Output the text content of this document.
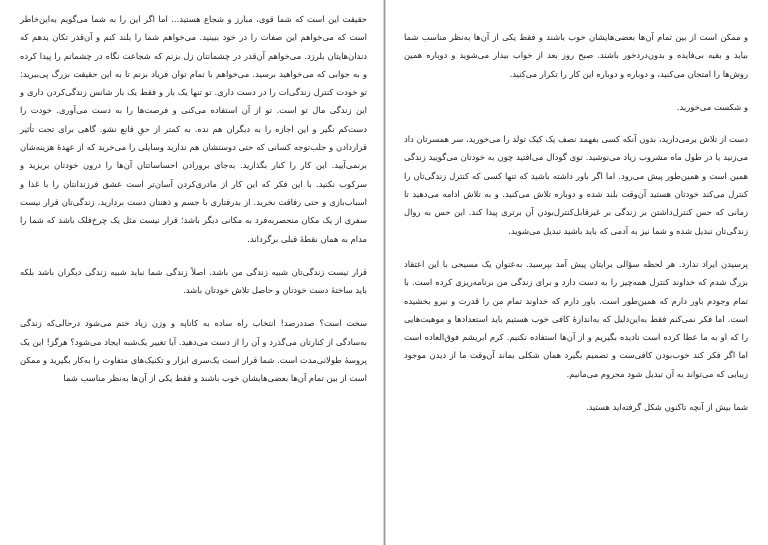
حقیقت این است که شما قوی، مبارز و شجاع هستید... اما اگر این را به شما می‌گویم به‌این‌خاطر است که می‌خواهم این صفات را در خود ببینید. می‌خواهم شما را بلند کنم و آن‌قدر تکان بدهم که دندان‌هایتان بلرزد. می‌خواهم آن‌قدر در چشمانتان زل بزنم که شجاعت نگاه در چشمانم را پیدا کرده و به جوابی که می‌خواهید برسید. می‌خواهم با تمام توان فریاد بزنم تا به این حقیقت بزرگ پی‌ببرید: تو خودت کنترل زندگی‌ات را در دست داری. تو تنها یک بار و فقط یک بار شانس زندگی‌کردن داری و این زندگی مال تو است. تو از آن استفاده می‌کنی و فرصت‌ها را به دست می‌آوری. خودت را دست‌کم نگیر و این اجازه را به دیگران هم نده. به کمتر از حقِ قانع نشو. گاهی برای تحت تأثیر قراردادن و جلب‌توجه کسانی که حتی دوستشان هم ندارید وسایلی را می‌خرید که از عهدهٔ هزینه‌شان برنمی‌آیید. این کار را کنار بگذارید. به‌جای برورادن احساساتتان آن‌ها را درون خودتان بریزید و سرکوب نکنید. با این فکر که این کار از مادری‌کردن آسان‌تر است عشق فرزندانتان را با غذا و اسباب‌بازی و حتی رفاقت نخرید. از بدرفتاری با جسم و ذهنتان دست بردارید. زندگی‌تان قرار نیست سفری از یک مکان منحصربه‌فرد به مکانی دیگر باشد؛ قرار نیست مثل یک چرخ‌فلک باشد که شما را مدام به همان نقطهٔ قبلی برگرداند.

قرار نیست زندگی‌تان شبیه زندگی من باشد. اصلاً زندگی شما نباید شبیه زندگی دیگران باشد بلکه باید ساختهٔ دست خودتان و حاصل تلاش خودتان باشد.

سخت است؟ صددرصد! انتخاب راه ساده به کاناپه و وزن زیاد ختم می‌شود درحالی‌که زندگی به‌سادگی از کنارتان می‌گذرد و آن را از دست می‌دهید. آیا تغییر یک‌شبه ایجاد می‌شود؟ هرگز! این یک پروسهٔ طولانی‌مدت است. شما قرار است یک‌سری ابزار و تکنیک‌های متفاوت را به‌کار بگیرید و ممکن است از بین تمام آن‌ها بعضی‌هایشان خوب باشند و فقط یکی از آن‌ها به‌نظر مناسب شما

و ممکن است از بین تمام آن‌ها بعضی‌هایشان خوب باشند و فقط یکی از آن‌ها به‌نظر مناسب شما بیاید و بقیه بی‌فایده و بدون‌دردخور باشند. صبح روز بعد از خواب بیدار می‌شوید و دوباره همین روش‌ها را امتحان می‌کنید، و دوباره و دوباره این کار را تکرار می‌کنید.

و شکست می‌خورید.

دست از تلاش برمی‌دارید، بدون آنکه کسی بفهمد نصف یک کیک تولد را می‌خورید، سر همسرتان داد می‌زنید یا در طول ماه مشروب زیاد می‌نوشید. توی گودال می‌افتید چون به خودتان می‌گویید زندگی همین است و همین‌طور پیش می‌رود. اما اگر باور داشته باشید که تنها کسی که کنترل زندگی‌تان را کنترل می‌کند خودتان هستید آن‌وقت بلند شده و دوباره تلاش می‌کنید. و به تلاش ادامه می‌دهید تا زمانی که حس کنترل‌داشتن بر زندگی بر غیرقابل‌کنترل‌بودن آن برتری پیدا کند. این حس به روال زندگی‌تان تبدیل شده و شما نیز به آدمی که باید باشید تبدیل می‌شوید.

پرسیدن ایراد ندارد. هر لحظه سؤالی برایتان پیش آمد بپرسید. به‌عنوان یک مسیحی با این اعتقاد بزرگ شدم که خداوند کنترل همه‌چیز را به دست دارد و برای زندگی من برنامه‌ریزی کرده است. با تمام وجودم باور دارم که همین‌طور است. باور دارم که خداوند تمام من را قدرت و نیرو بخشیده است. اما فکر نمی‌کنم فقط به‌این‌دلیل که به‌اندازهٔ کافی خوب هستیم باید استعدادها و موهبت‌هایی را که او به ما عطا کرده است نادیده بگیریم و از آن‌ها استفاده نکنیم. کرم ابریشم فوق‌العاده است اما اگر فکر کند خوب‌بودن کافی‌ست و تصمیم بگیرد همان شکلی بماند آن‌وقت ما از دیدن موجود زیبایی که می‌تواند به آن تبدیل شود محروم می‌مانیم.

شما بیش از آنچه تاکنون شکل گرفته‌اید هستید.
